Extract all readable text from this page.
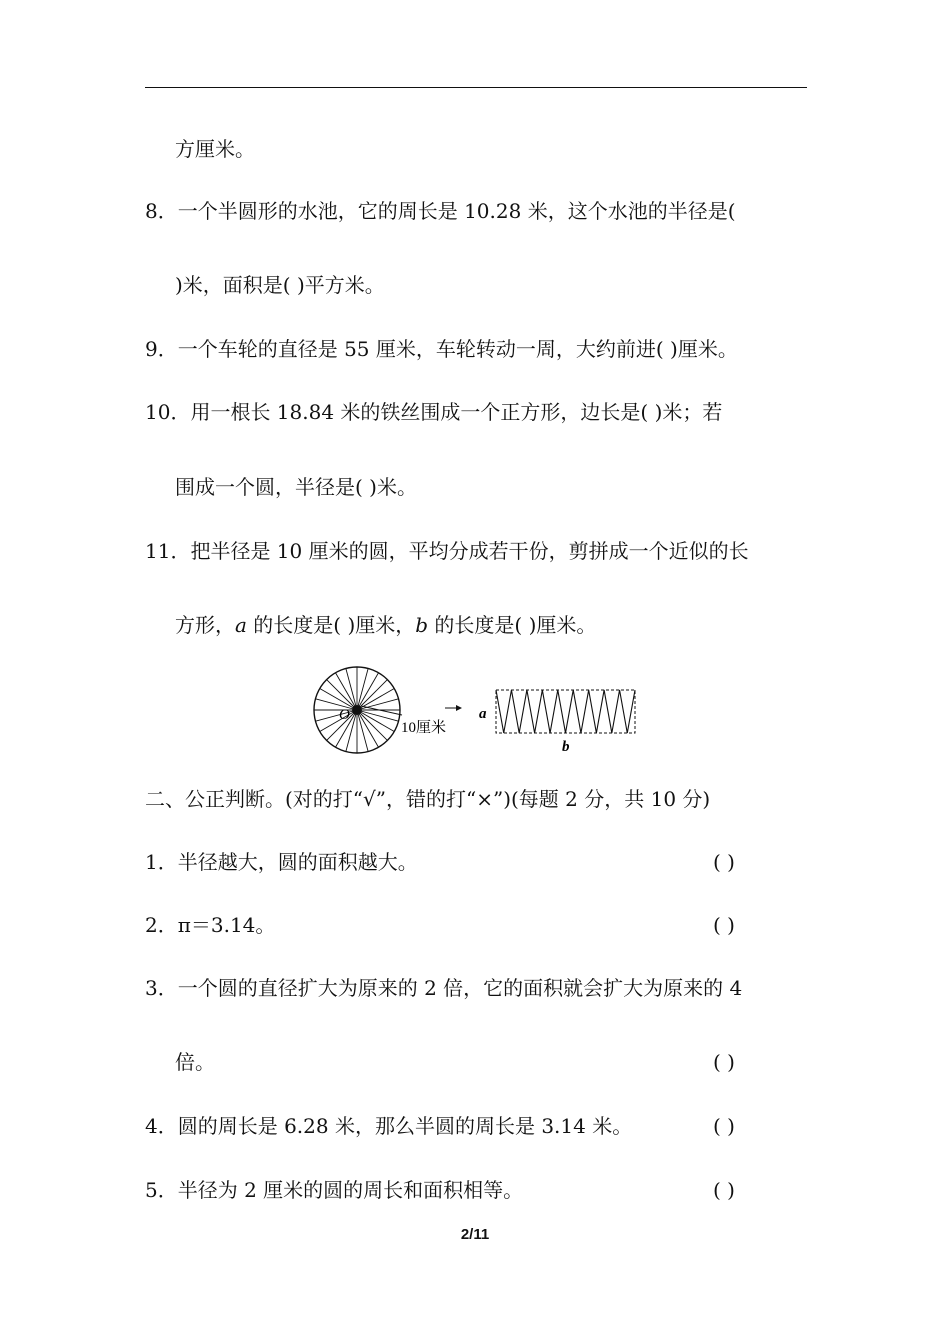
方厘米。
8．一个半圆形的水池，它的周长是 10.28 米，这个水池的半径是(
)米，面积是( )平方米。
9．一个车轮的直径是 55 厘米，车轮转动一周，大约前进( )厘米。
10．用一根长 18.84 米的铁丝围成一个正方形，边长是( )米；若
围成一个圆，半径是( )米。
11．把半径是 10 厘米的圆，平均分成若干份，剪拼成一个近似的长
方形，a 的长度是( )厘米，b 的长度是( )厘米。
O
10厘米
a
b
二、公正判断。(对的打“√”，错的打“×”)(每题 2 分，共 10 分)
1．半径越大，圆的面积越大。	( )
2．π＝3.14。	( )
3．一个圆的直径扩大为原来的 2 倍，它的面积就会扩大为原来的 4
倍。	( )
4．圆的周长是 6.28 米，那么半圆的周长是 3.14 米。	( )
5．半径为 2 厘米的圆的周长和面积相等。	( )
2/11
